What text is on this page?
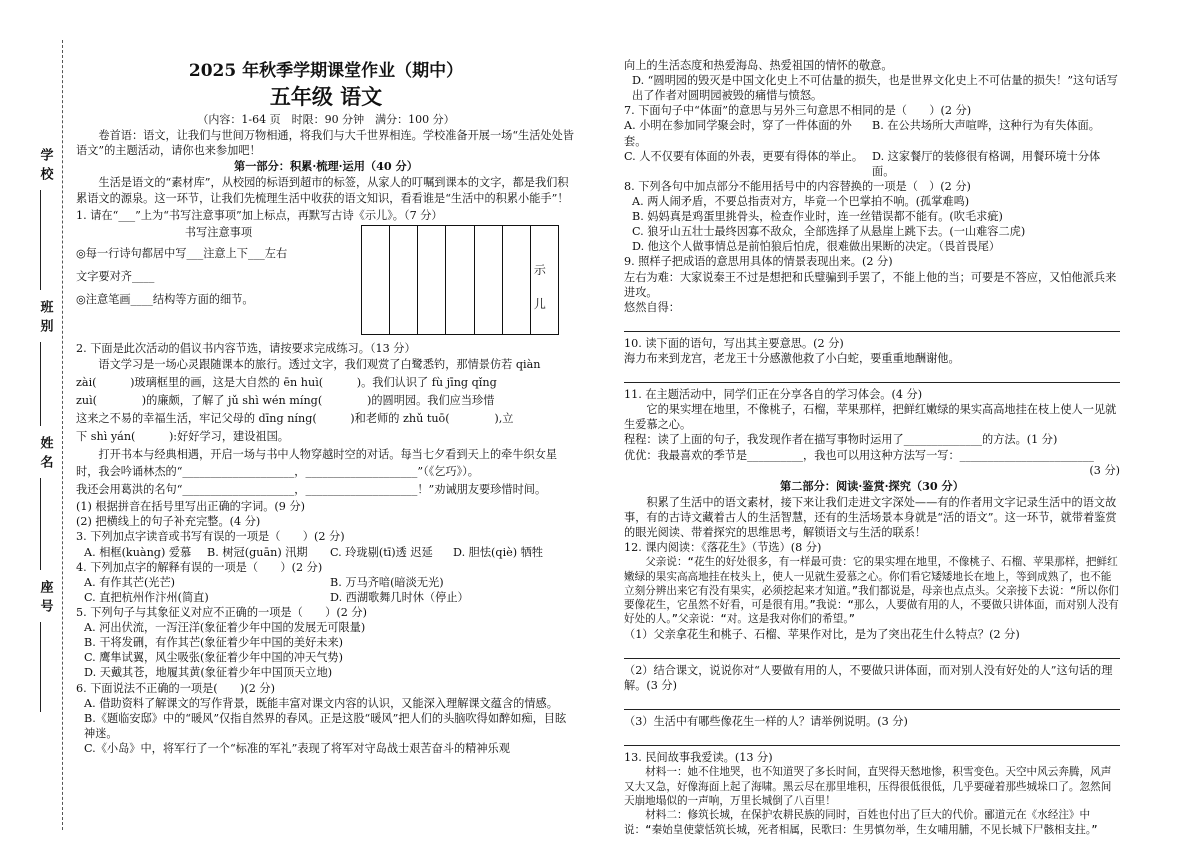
学校
班别
姓名
座号
2025 年秋季学期课堂作业（期中）
五年级 语文
（内容：1-64 页　时限：90 分钟　满分：100 分）

卷首语：语文，让我们与世间万物相通，将我们与大千世界相连。学校准备开展一场“生活处处皆语文”的主题活动，请你也来参加吧！

第一部分：积累·梳理·运用（40 分）

生活是语文的“素材库”，从校园的标语到超市的标签，从家人的叮嘱到课本的文字，都是我们积累语文的源泉。这一环节，让我们先梳理生活中收获的语文知识，看看谁是“生活中的积累小能手”！

1. 请在“___”上为“书写注意事项”加上标点，再默写古诗《示儿》。（7 分）

书写注意事项

◎每一行诗句都居中写___注意上下___左右

文字要对齐____

◎注意笔画____结构等方面的细节。

示
儿

2. 下面是此次活动的倡议书内容节选，请按要求完成练习。（13 分）

语文学习是一场心灵跟随课本的旅行。透过文字，我们观赏了白鹭悉钓，那情景仿若 qiàn

zài(　　　)玻璃框里的画，这是大自然的 ēn huì(　　　)。我们认识了 fù jīng qǐng

zuì(　　　　)的廉颇，了解了 jǔ shì wén míng(　　　　)的圆明园。我们应当珍惜

这来之不易的幸福生活，牢记父母的 dīng níng(　　　)和老师的 zhǔ tuō(　　　　),立

下 shì yán(　　　):好好学习，建设祖国。

打开书本与经典相遇，开启一场与书中人物穿越时空的对话。每当七夕看到天上的牵牛织女星时，我会吟诵林杰的“____________________，____________________”（《乞巧》）。

我还会用葛洪的名句“____________________，____________________！”劝诫朋友要珍惜时间。

(1) 根据拼音在括号里写出正确的字词。(9 分)

(2) 把横线上的句子补充完整。(4 分)

3. 下列加点字读音或书写有误的一项是（　　）(2 分)

A. 相框(kuàng) 爱慕	B. 树冠(guān) 汛期	C. 玲珑剔(tī)透 迟延	D. 胆怯(qiè) 牺牲

4. 下列加点字的解释有误的一项是（　　）(2 分)

A. 有作其芒(光芒)	B. 万马齐喑(暗淡无光)
C. 直把杭州作汴州(简直)	D. 西湖歌舞几时休（停止）

5. 下列句子与其象征义对应不正确的一项是（　　）(2 分)

A. 河出伏流，一泻汪洋(象征着少年中国的发展无可限量)

B. 干将发硎，有作其芒(象征着少年中国的美好未来)

C. 鹰隼试翼，风尘吸张(象征着少年中国的冲天气势)

D. 天戴其苍，地履其黄(象征着少年中国顶天立地)

6. 下面说法不正确的一项是(　　)(2 分)

A. 借助资料了解课文的写作背景，既能丰富对课文内容的认识，又能深入理解课文蕴含的情感。

B.《题临安邸》中的“暖风”仅指自然界的春风。正是这股“暖风”把人们的头脑吹得如醉如痴，目眩神迷。

C.《小岛》中，将军行了一个“标准的军礼”表现了将军对守岛战士艰苦奋斗的精神乐观

向上的生活态度和热爱海岛、热爱祖国的情怀的敬意。

D. “圆明园的毁灭是中国文化史上不可估量的损失，也是世界文化史上不可估量的损失！”这句话写出了作者对圆明园被毁的痛惜与愤怒。

7. 下面句子中“体面”的意思与另外三句意思不相同的是（　　）(2 分)

A. 小明在参加同学聚会时，穿了一件体面的外套。
B. 在公共场所大声喧哗，这种行为有失体面。
C. 人不仅要有体面的外表，更要有得体的举止。 D. 这家餐厅的装修很有格调，用餐环境十分体面。

8. 下列各句中加点部分不能用括号中的内容替换的一项是（　）(2 分)

A. 两人闹矛盾，不要总指责对方，毕竟一个巴掌拍不响。(孤掌难鸣)

B. 妈妈真是鸡蛋里挑骨头，检查作业时，连一丝错误都不能有。(吹毛求疵)

C. 狼牙山五壮士最终因寡不敌众，全部选择了从悬崖上跳下去。(一山难容二虎)

D. 他这个人做事情总是前怕狼后怕虎，很难做出果断的决定。（畏首畏尾）

9. 照样子把成语的意思用具体的情景表现出来。(2 分)

左右为难：大家说秦王不过是想把和氏璧骗到手罢了，不能上他的当；可要是不答应，又怕他派兵来进攻。

悠然自得：

10. 读下面的语句，写出其主要意思。(2 分)

海力布来到龙宫，老龙王十分感激他救了小白蛇，要重重地酬谢他。

11. 在主题活动中，同学们正在分享各自的学习体会。(4 分)

它的果实埋在地里，不像桃子，石榴，苹果那样，把鲜红嫩绿的果实高高地挂在枝上使人一见就生爱慕之心。

程程：读了上面的句子，我发现作者在描写事物时运用了______________的方法。(1 分)

优优：我最喜欢的季节是__________，我也可以用这种方法写一写：________________________

(3 分)

第二部分：阅读·鉴赏·探究（30 分）

积累了生活中的语文素材，接下来让我们走进文字深处——有的作者用文字记录生活中的语文故事，有的古诗文藏着古人的生活智慧，还有的生活场景本身就是“活的语文”。这一环节，就带着鉴赏的眼光阅读、带着探究的思维思考，解锁语文与生活的联系！

12. 课内阅读：《落花生》（节选）(8 分)

父亲说：“花生的好处很多，有一样最可贵：它的果实埋在地里，不像桃子、石榴、苹果那样，把鲜红嫩绿的果实高高地挂在枝头上，使人一见就生爱慕之心。你们看它矮矮地长在地上，等到成熟了，也不能立刻分辨出来它有没有果实，必须挖起来才知道。”我们都说是，母亲也点点头。父亲接下去说：“所以你们要像花生，它虽然不好看，可是很有用。”我说：“那么，人要做有用的人，不要做只讲体面，而对别人没有好处的人。”父亲说：“对。这是我对你们的希望。”

（1）父亲拿花生和桃子、石榴、苹果作对比，是为了突出花生什么特点？(2 分)

（2）结合课文，说说你对“人要做有用的人，不要做只讲体面，而对别人没有好处的人”这句话的理解。(3 分)

（3）生活中有哪些像花生一样的人？请举例说明。(3 分)

13. 民间故事我爱读。(13 分)

材料一：她不住地哭，也不知道哭了多长时间，直哭得天愁地惨，积雪变色。天空中风云奔腾，风声又大又急，好像海面上起了海啸。黑云尽在那里堆积，压得很低很低，几乎要碰着那些城垛口了。忽然间天崩地塌似的一声响，万里长城倒了八百里！

材料二：修筑长城，在保护农耕民族的同时，百姓也付出了巨大的代价。郦道元在《水经注》中说：“秦始皇使蒙恬筑长城，死者相属，民歌曰：生男慎勿举，生女哺用脯，不见长城下尸骸相支拄。”
